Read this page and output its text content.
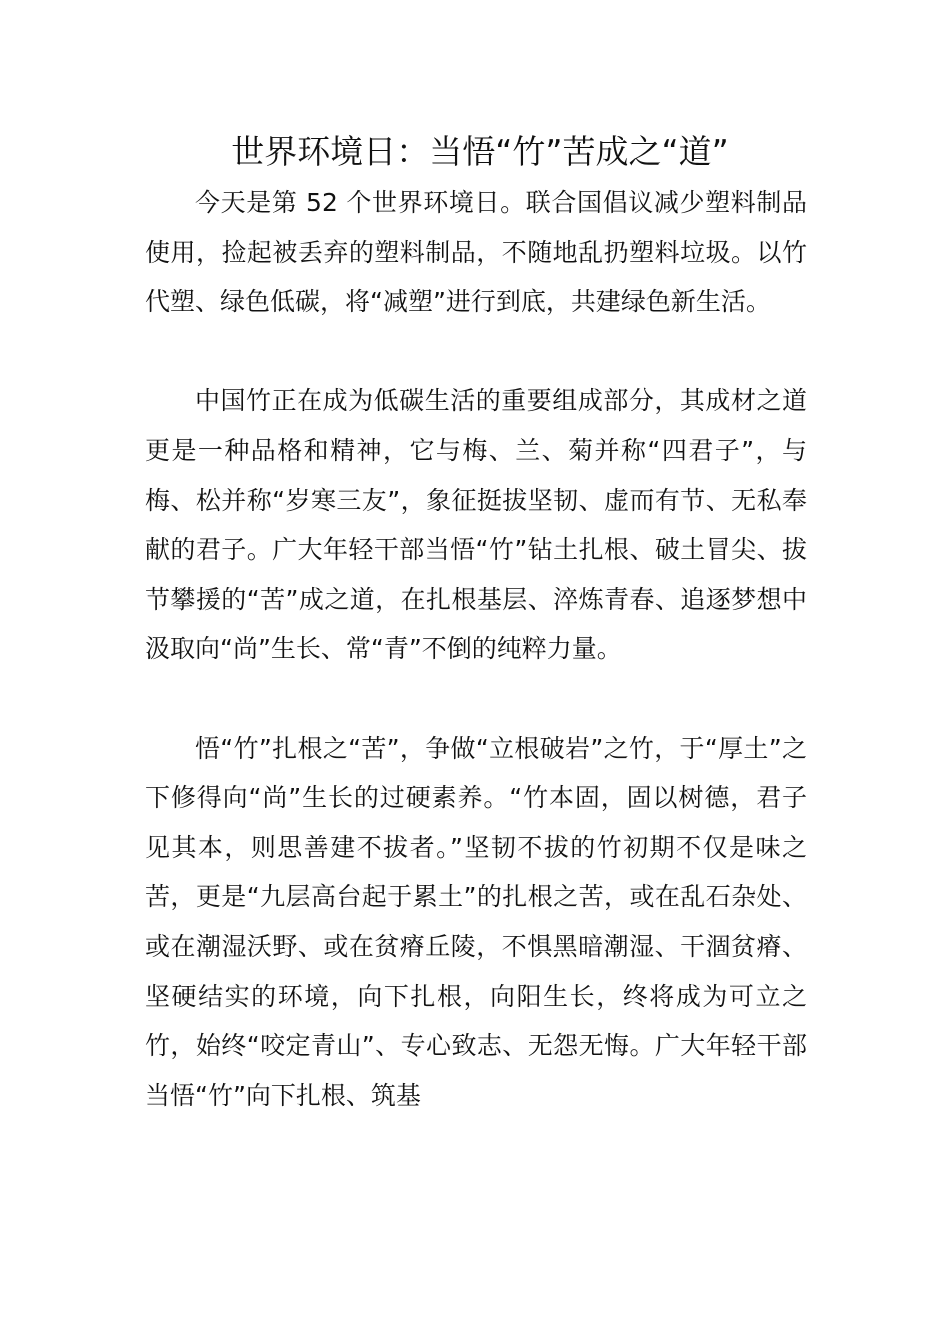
世界环境日：当悟“竹”苦成之“道”

今天是第 52 个世界环境日。联合国倡议减少塑料制品使用，捡起被丢弃的塑料制品，不随地乱扔塑料垃圾。以竹代塑、绿色低碳，将“减塑”进行到底，共建绿色新生活。

中国竹正在成为低碳生活的重要组成部分，其成材之道更是一种品格和精神，它与梅、兰、菊并称“四君子”，与梅、松并称“岁寒三友”，象征挺拔坚韧、虚而有节、无私奉献的君子。广大年轻干部当悟“竹”钻土扎根、破土冒尖、拔节攀援的“苦”成之道，在扎根基层、淬炼青春、追逐梦想中汲取向“尚”生长、常“青”不倒的纯粹力量。

悟“竹”扎根之“苦”，争做“立根破岩”之竹，于“厚土”之下修得向“尚”生长的过硬素养。“竹本固，固以树德，君子见其本，则思善建不拔者。”坚韧不拔的竹初期不仅是味之苦，更是“九层高台起于累土”的扎根之苦，或在乱石杂处、或在潮湿沃野、或在贫瘠丘陵，不惧黑暗潮湿、干涸贫瘠、坚硬结实的环境，向下扎根，向阳生长，终将成为可立之竹，始终“咬定青山”、专心致志、无怨无悔。广大年轻干部当悟“竹”向下扎根、筑基
